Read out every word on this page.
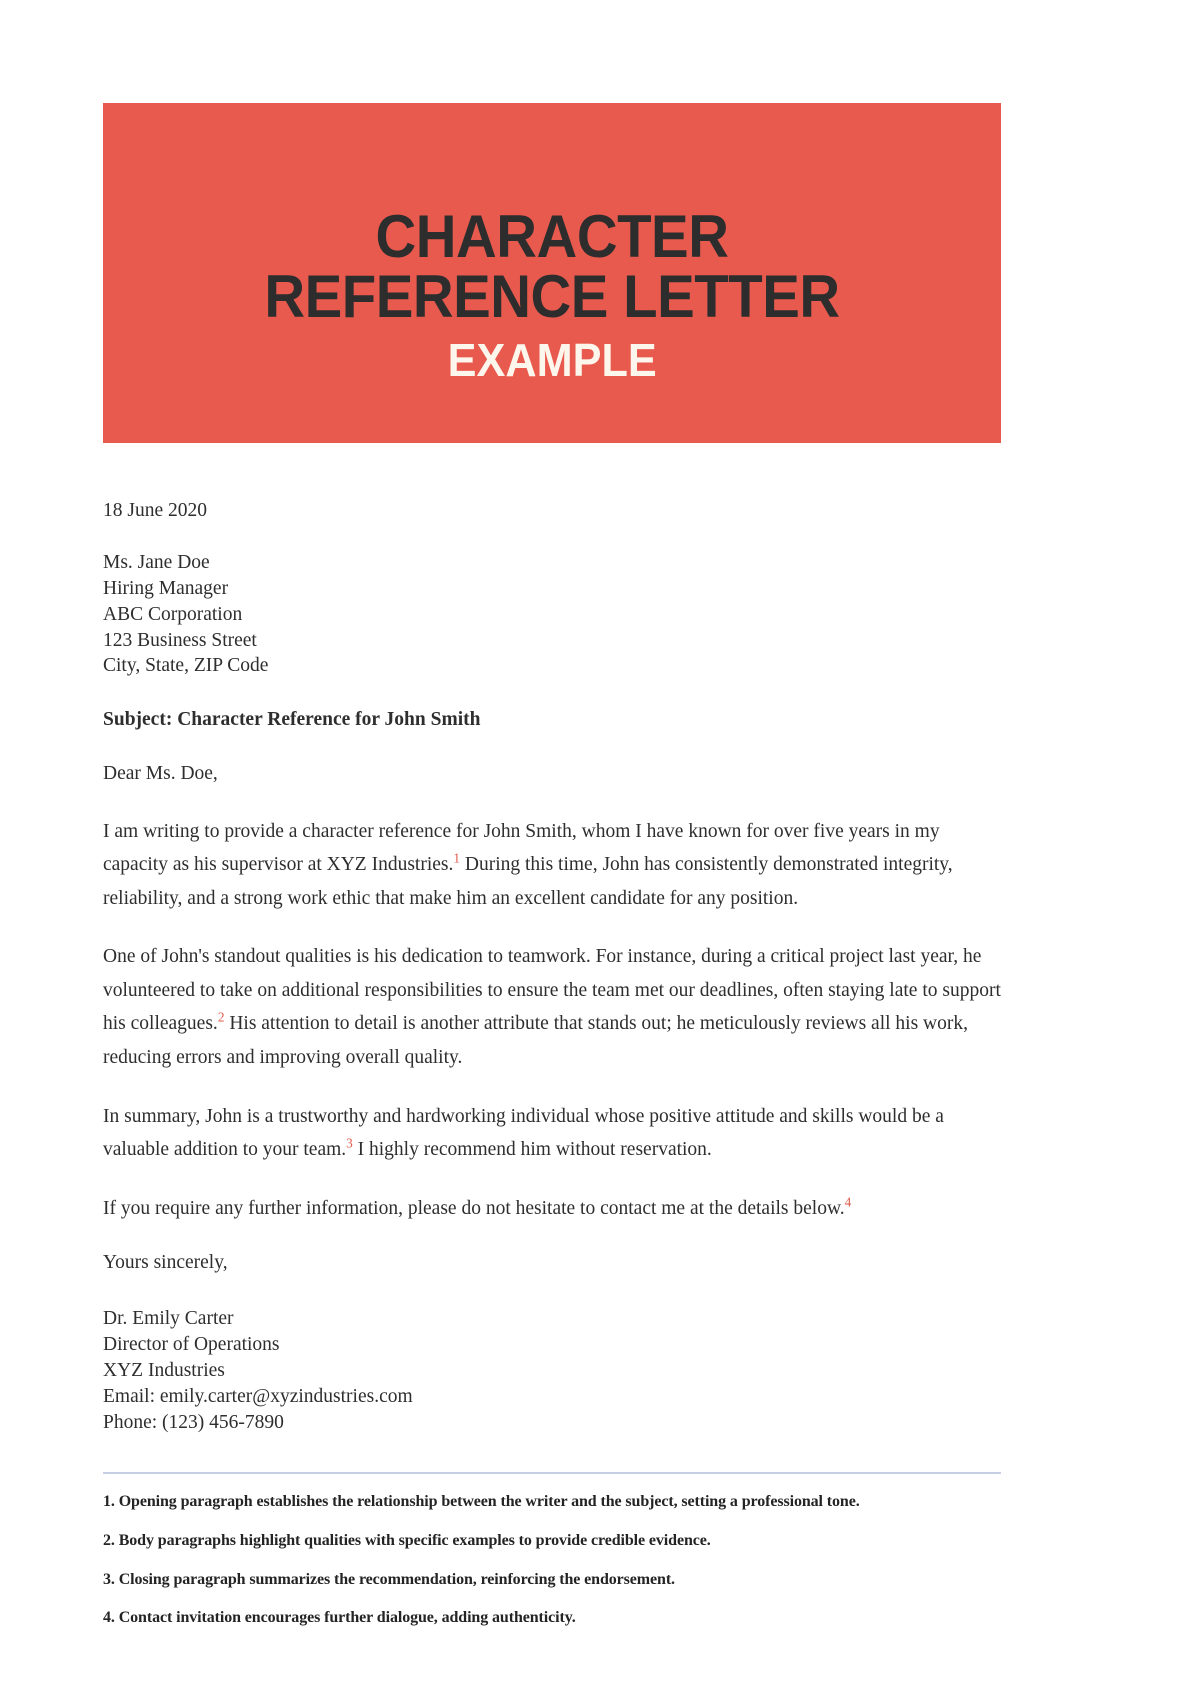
CHARACTER REFERENCE LETTER
EXAMPLE
18 June 2020
Ms. Jane Doe
Hiring Manager
ABC Corporation
123 Business Street
City, State, ZIP Code
Subject: Character Reference for John Smith
Dear Ms. Doe,

I am writing to provide a character reference for John Smith, whom I have known for over five years in my capacity as his supervisor at XYZ Industries.$^1$ During this time, John has consistently demonstrated integrity, reliability, and a strong work ethic that make him an excellent candidate for any position.

One of John's standout qualities is his dedication to teamwork. For instance, during a critical project last year, he volunteered to take on additional responsibilities to ensure the team met our deadlines, often staying late to support his colleagues.$^2$ His attention to detail is another attribute that stands out; he meticulously reviews all his work, reducing errors and improving overall quality.

In summary, John is a trustworthy and hardworking individual whose positive attitude and skills would be a valuable addition to your team.$^3$ I highly recommend him without reservation.

If you require any further information, please do not hesitate to contact me at the details below.$^4$

Yours sincerely,
Dr. Emily Carter
Director of Operations
XYZ Industries
Email: emily.carter@xyzindustries.com
Phone: (123) 456-7890
1. Opening paragraph establishes the relationship between the writer and the subject, setting a professional tone.
2. Body paragraphs highlight qualities with specific examples to provide credible evidence.
3. Closing paragraph summarizes the recommendation, reinforcing the endorsement.
4. Contact invitation encourages further dialogue, adding authenticity.
